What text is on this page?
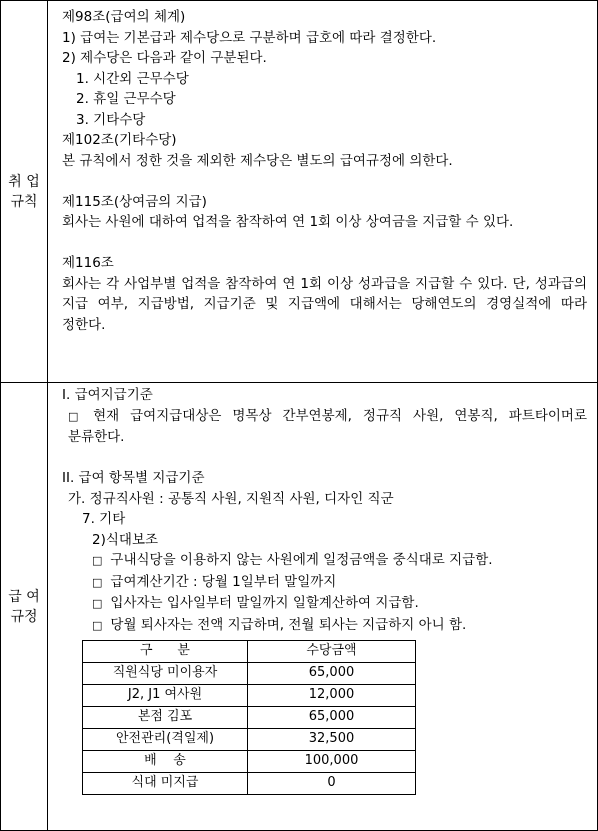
취 업
규칙

제98조(급여의 체계)
1) 급여는 기본급과 제수당으로 구분하며 급호에 따라 결정한다.
2) 제수당은 다음과 같이 구분된다.
1. 시간외 근무수당
2. 휴일 근무수당
3. 기타수당
제102조(기타수당)
본 규칙에서 정한 것을 제외한 제수당은 별도의 급여규정에 의한다.
제115조(상여금의 지급)
회사는 사원에 대하여 업적을 참작하여 연 1회 이상 상여금을 지급할 수 있다.
제116조
회사는 각 사업부별 업적을 참작하여 연 1회 이상 성과급을 지급할 수 있다. 단, 성과급의 지급 여부, 지급방법, 지급기준 및 지급액에 대해서는 당해연도의 경영실적에 따라 정한다.

급 여
규정

I. 급여지급기준
□ 현재 급여지급대상은 명목상 간부연봉제, 정규직 사원, 연봉직, 파트타이머로 분류한다.
II. 급여 항목별 지급기준
가. 정규직사원 : 공통직 사원, 지원직 사원, 디자인 직군
7. 기타
2)식대보조
□ 구내식당을 이용하지 않는 사원에게 일정금액을 중식대로 지급함.
□ 급여계산기간 : 당월 1일부터 말일까지
□ 입사자는 입사일부터 말일까지 일할계산하여 지급함.
□ 당월 퇴사자는 전액 지급하며, 전월 퇴사는 지급하지 아니 함.
구      분	수당금액
직원식당 미이용자	65,000
J2, J1 여사원	12,000
본점 김포	65,000
안전관리(격일제)	32,500
배    송	100,000
식대 미지급	0
